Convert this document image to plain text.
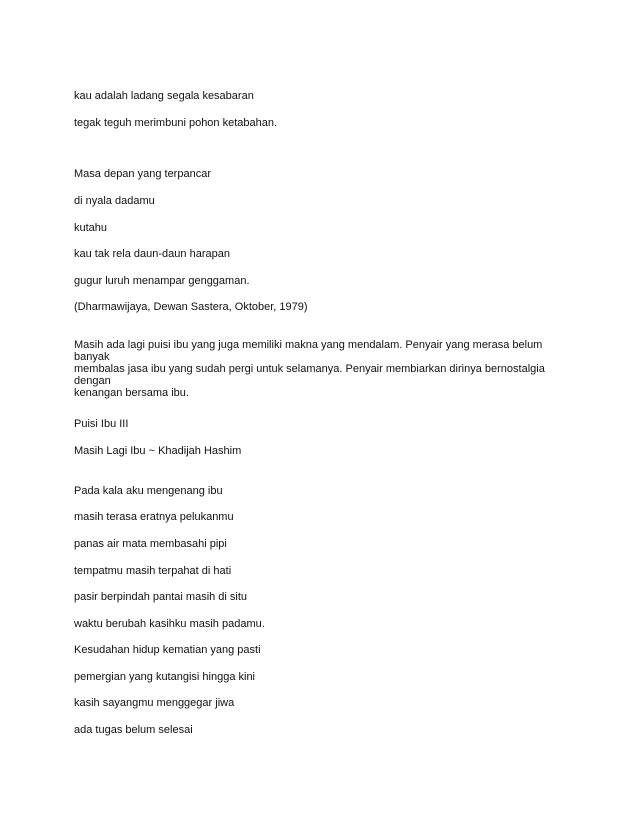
kau adalah ladang segala kesabaran

tegak teguh merimbuni pohon ketabahan.

Masa depan yang terpancar

di nyala dadamu

kutahu

kau tak rela daun-daun harapan

gugur luruh menampar genggaman.

(Dharmawijaya, Dewan Sastera, Oktober, 1979)

Masih ada lagi puisi ibu yang juga memiliki makna yang mendalam. Penyair yang merasa belum banyak
membalas jasa ibu yang sudah pergi untuk selamanya. Penyair membiarkan dirinya bernostalgia dengan
kenangan bersama ibu.

Puisi Ibu III

Masih Lagi Ibu ~ Khadijah Hashim

Pada kala aku mengenang ibu

masih terasa eratnya pelukanmu

panas air mata membasahi pipi

tempatmu masih terpahat di hati

pasir berpindah pantai masih di situ

waktu berubah kasihku masih padamu.

Kesudahan hidup kematian yang pasti

pemergian yang kutangisi hingga kini

kasih sayangmu menggegar jiwa

ada tugas belum selesai
